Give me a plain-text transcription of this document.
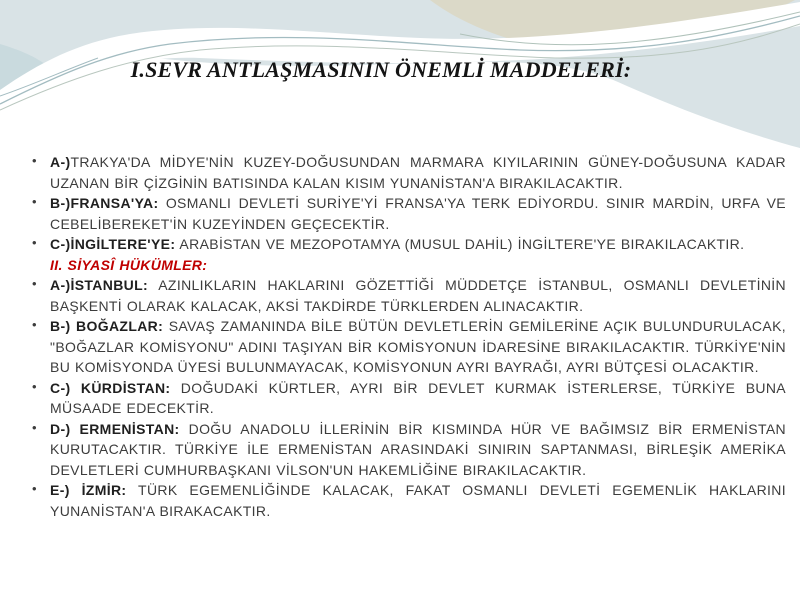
I.SEVR ANTLAŞMASININ ÖNEMLİ MADDELERİ:
• A-)TRAKYA'DA MİDYE'NİN KUZEY-DOĞUSUNDAN MARMARA KIYILARININ GÜNEY-DOĞUSUNA KADAR UZANAN BİR ÇİZGİNİN BATISINDA KALAN KISIM YUNANİSTAN'A BIRAKILACAKTIR.
• B-)FRANSA'YA: OSMANLI DEVLETİ SURİYE'Yİ FRANSA'YA TERK EDİYORDU. SINIR MARDİN, URFA VE CEBELİBEREKET'İN KUZEYİNDEN GEÇECEKTİR.
• C-)İNGİLTERE'YE: ARABİSTAN VE MEZOPOTAMYA (MUSUL DAHİL) İNGİLTERE'YE BIRAKILACAKTIR.
II. SİYASÎ HÜKÜMLER:
• A-)İSTANBUL: AZINLIKLARIN HAKLARINI GÖZETTİĞİ MÜDDETÇE İSTANBUL, OSMANLI DEVLETİNİN BAŞKENTİ OLARAK KALACAK, AKSİ TAKDİRDE TÜRKLERDEN ALINACAKTIR.
• B-) BOĞAZLAR: SAVAŞ ZAMANINDA BİLE BÜTÜN DEVLETLERİN GEMİLERİNE AÇIK BULUNDURULACAK, "BOĞAZLAR KOMİSYONU" ADINI TAŞIYAN BİR KOMİSYONUN İDARESİNE BIRAKILACAKTIR. TÜRKİYE'NİN BU KOMİSYONDA ÜYESİ BULUNMAYACAK, KOMİSYONUN AYRI BAYRAĞI, AYRI BÜTÇESİ OLACAKTIR.
• C-) KÜRDİSTAN: DOĞUDAKİ KÜRTLER, AYRI BİR DEVLET KURMAK İSTERLERSE, TÜRKİYE BUNA MÜSAADE EDECEKTİR.
• D-) ERMENİSTAN: DOĞU ANADOLU İLLERİNİN BİR KISMINDA HÜR VE BAĞIMSIZ BİR ERMENİSTAN KURUTACAKTIR. TÜRKİYE İLE ERMENİSTAN ARASINDAKİ SINIRIN SAPTANMASI, BİRLEŞİK AMERİKA DEVLETLERİ CUMHURBAŞKANI VİLSON'UN HAKEMLİĞİNE BIRAKILACAKTIR.
• E-) İZMİR: TÜRK EGEMENLİĞİNDE KALACAK, FAKAT OSMANLI DEVLETİ EGEMENLİK HAKLARINI YUNANİSTAN'A BIRAKACAKTIR.
